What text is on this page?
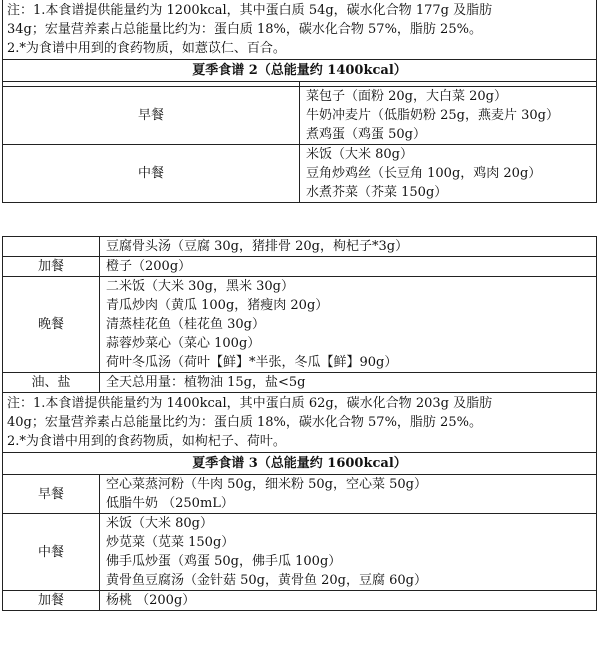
注：1.本食谱提供能量约为 1200kcal，其中蛋白质 54g，碳水化合物 177g 及脂肪
34g；宏量营养素占总能量比约为：蛋白质 18%，碳水化合物 57%，脂肪 25%。
2.*为食谱中用到的食药物质，如薏苡仁、百合。	

夏季食谱 2（总能量约 1400kcal）	

早餐	菜包子（面粉 20g，大白菜 20g）
牛奶冲麦片（低脂奶粉 25g，燕麦片 30g）
煮鸡蛋（鸡蛋 50g）

中餐	米饭（大米 80g）
豆角炒鸡丝（长豆角 100g，鸡肉 20g）
水煮芥菜（芥菜 150g）

	豆腐骨头汤（豆腐 30g，猪排骨 20g，枸杞子*3g）

加餐	橙子（200g）

晚餐	二米饭（大米 30g，黑米 30g）
青瓜炒肉（黄瓜 100g，猪瘦肉 20g）
清蒸桂花鱼（桂花鱼 30g）
蒜蓉炒菜心（菜心 100g）
荷叶冬瓜汤（荷叶【鲜】*半张，冬瓜【鲜】90g）

油、盐	全天总用量：植物油 15g，盐<5g

注：1.本食谱提供能量约为 1400kcal，其中蛋白质 62g，碳水化合物 203g 及脂肪
40g；宏量营养素占总能量比约为：蛋白质 18%，碳水化合物 57%，脂肪 25%。
2.*为食谱中用到的食药物质，如枸杞子、荷叶。	

夏季食谱 3（总能量约 1600kcal）	
早餐	空心菜蒸河粉（牛肉 50g，细米粉 50g，空心菜 50g）
低脂牛奶 （250mL）

中餐	米饭（大米 80g）
炒苋菜（苋菜 150g）
佛手瓜炒蛋（鸡蛋 50g，佛手瓜 100g）
黄骨鱼豆腐汤（金针菇 50g，黄骨鱼 20g，豆腐 60g）

加餐	杨桃 （200g）
